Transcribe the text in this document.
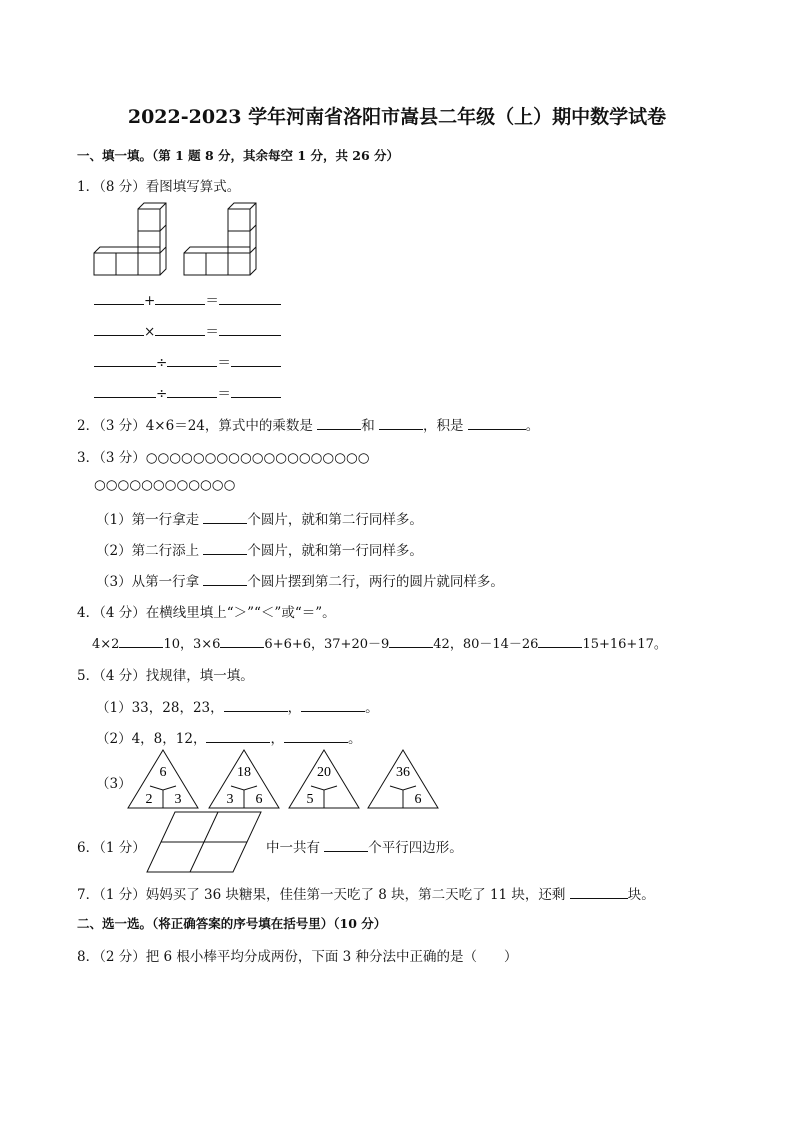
2022-2023 学年河南省洛阳市嵩县二年级（上）期中数学试卷
一、填一填。（第 1 题 8 分，其余每空 1 分，共 26 分）
1．（8 分）看图填写算式。
+	＝
×	＝
÷	＝
÷	＝
2．（3 分）4×6＝24，算式中的乘数是	和	，积是	。
3．（3 分）○○○○○○○○○○○○○○○○○○○
○○○○○○○○○○○○
（1）第一行拿走	个圆片，就和第二行同样多。
（2）第二行添上	个圆片，就和第一行同样多。
（3）从第一行拿	个圆片摆到第二行，两行的圆片就同样多。
4．（4 分）在横线里填上“＞”“＜”或“＝”。
4×2	10，3×6	6+6+6，37+20－9	42，80－14－26	15+16+17。
5．（4 分）找规律，填一填。
（1）33，28，23，	，	。
（2）4，8，12，	，	。
（3）
6
2 3
18
3 6
20
5
36
6
6．（1 分）	中一共有	个平行四边形。
7．（1 分）妈妈买了 36 块糖果，佳佳第一天吃了 8 块，第二天吃了 11 块，还剩	块。
二、选一选。（将正确答案的序号填在括号里）（10 分）
8．（2 分）把 6 根小棒平均分成两份，下面 3 种分法中正确的是（　　）
